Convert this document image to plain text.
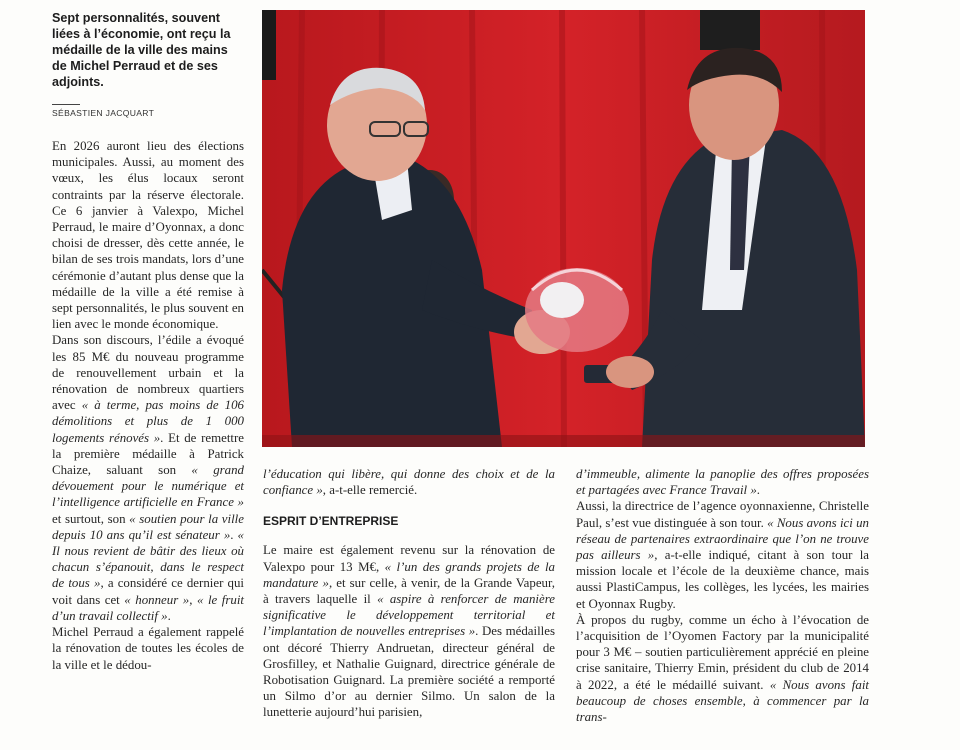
Sept personnalités, souvent liées à l’économie, ont reçu la médaille de la ville des mains de Michel Perraud et de ses adjoints.

SÉBASTIEN JACQUART

En 2026 auront lieu des élections municipales. Aussi, au moment des vœux, les élus locaux seront contraints par la réserve électorale. Ce 6 janvier à Valexpo, Michel Perraud, le maire d’Oyonnax, a donc choisi de dresser, dès cette année, le bilan de ses trois mandats, lors d’une cérémonie d’autant plus dense que la médaille de la ville a été remise à sept personnalités, le plus souvent en lien avec le monde économique.

Dans son discours, l’édile a évoqué les 85 M€ du nouveau programme de renouvellement urbain et la rénovation de nombreux quartiers avec « à terme, pas moins de 106 démolitions et plus de 1 000 logements rénovés ». Et de remettre la première médaille à Patrick Chaize, saluant son « grand dévouement pour le numérique et l’intelligence artificielle en France » et surtout, son « soutien pour la ville depuis 10 ans qu’il est sénateur ». « Il nous revient de bâtir des lieux où chacun s’épanouit, dans le respect de tous », a considéré ce dernier qui voit dans cet « honneur », « le fruit d’un travail collectif ».

Michel Perraud a également rappelé la rénovation de toutes les écoles de la ville et le dédou-

l’éducation qui libère, qui donne des choix et de la confiance », a-t-elle remercié.

ESPRIT D’ENTREPRISE

Le maire est également revenu sur la rénovation de Valexpo pour 13 M€, « l’un des grands projets de la mandature », et sur celle, à venir, de la Grande Vapeur, à travers laquelle il « aspire à renforcer de manière significative le développement territorial et l’implantation de nouvelles entreprises ». Des médailles ont décoré Thierry Andruetan, directeur général de Grosfilley, et Nathalie Guignard, directrice générale de Robotisation Guignard. La première société a remporté un Silmo d’or au dernier Silmo. Un salon de la lunetterie aujourd’hui parisien,

d’immeuble, alimente la panoplie des offres proposées et partagées avec France Travail ».

Aussi, la directrice de l’agence oyonnaxienne, Christelle Paul, s’est vue distinguée à son tour. « Nous avons ici un réseau de partenaires extraordinaire que l’on ne trouve pas ailleurs », a-t-elle indiqué, citant à son tour la mission locale et l’école de la deuxième chance, mais aussi PlastiCampus, les collèges, les lycées, les mairies et Oyonnax Rugby.

À propos du rugby, comme un écho à l’évocation de l’acquisition de l’Oyomen Factory par la municipalité pour 3 M€ – soutien particulièrement apprécié en pleine crise sanitaire, Thierry Emin, président du club de 2014 à 2022, a été le médaillé suivant. « Nous avons fait beaucoup de choses ensemble, à commencer par la trans-
